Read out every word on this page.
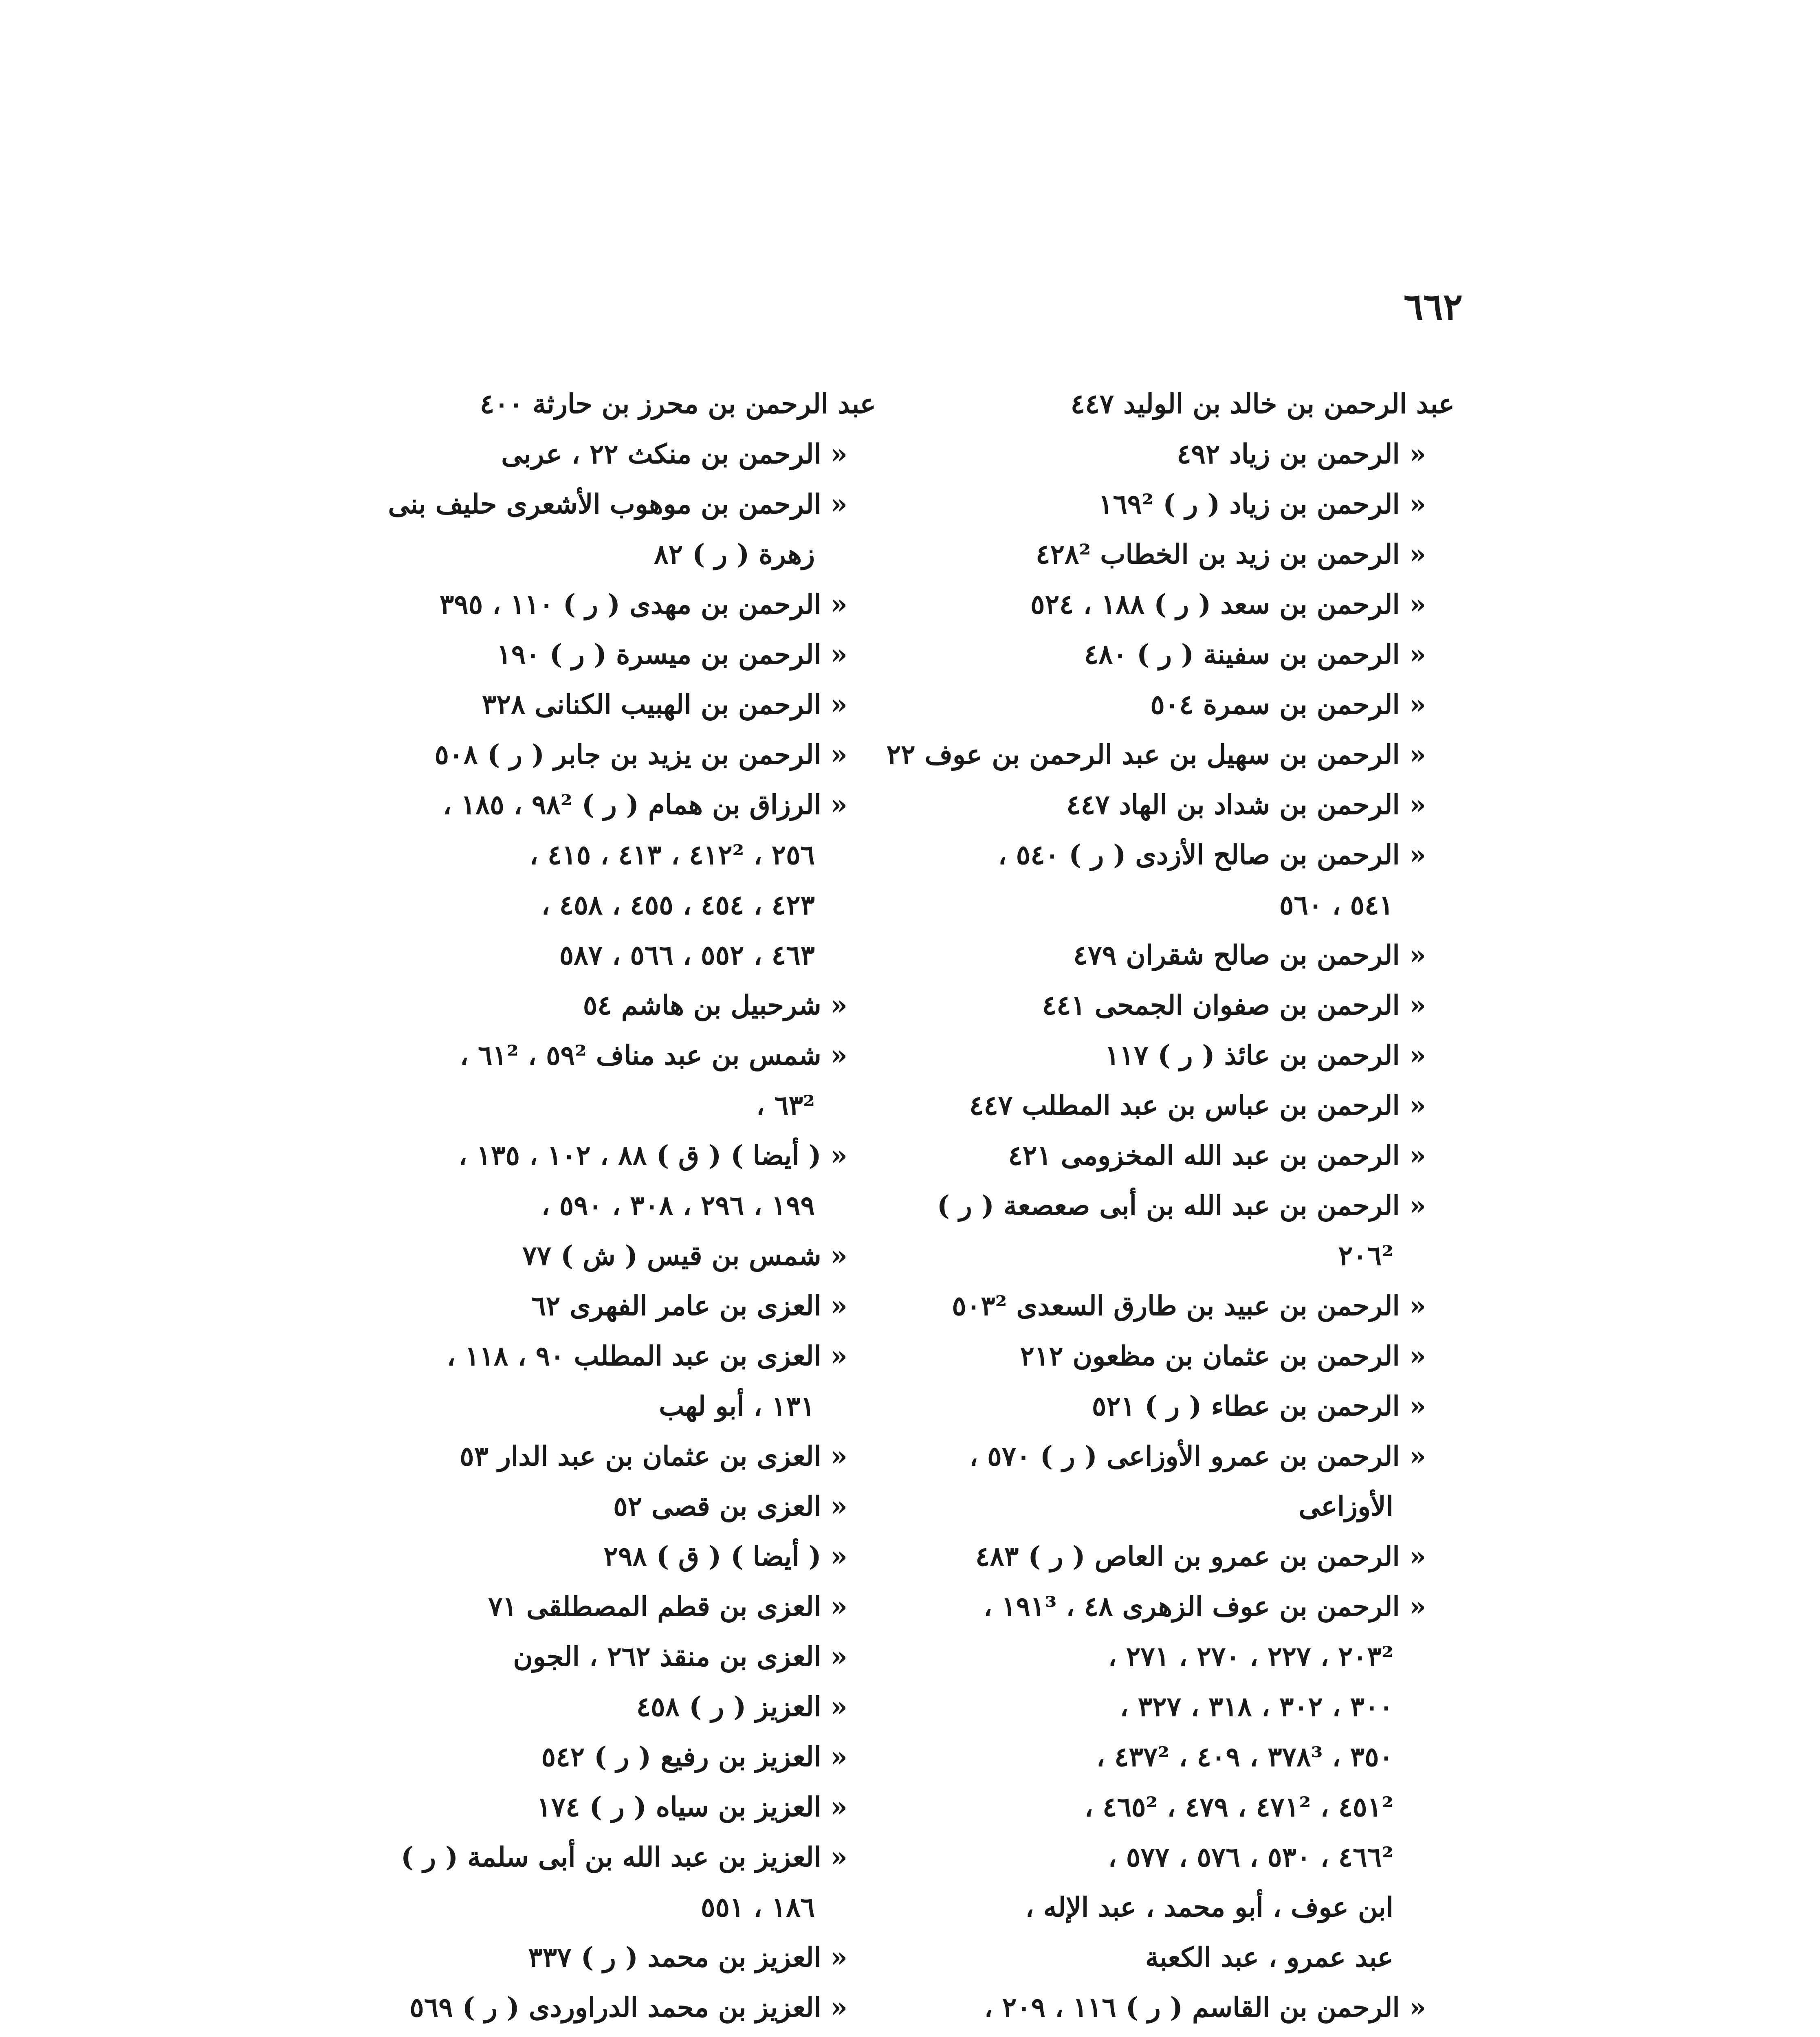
٦٦٢
عبد الرحمن بن خالد بن الوليد ٤٤٧
« الرحمن بن زياد ٤٩٢
« الرحمن بن زياد ( ر ) ١٦٩²
« الرحمن بن زيد بن الخطاب ٤٢٨²
« الرحمن بن سعد ( ر ) ١٨٨ ، ٥٢٤
« الرحمن بن سفينة ( ر ) ٤٨٠
« الرحمن بن سمرة ٥٠٤
« الرحمن بن سهيل بن عبد الرحمن بن عوف ٢٢
« الرحمن بن شداد بن الهاد ٤٤٧
« الرحمن بن صالح الأزدى ( ر ) ٥٤٠ ،
٥٤١ ، ٥٦٠
« الرحمن بن صالح شقران ٤٧٩
« الرحمن بن صفوان الجمحى ٤٤١
« الرحمن بن عائذ ( ر ) ١١٧
« الرحمن بن عباس بن عبد المطلب ٤٤٧
« الرحمن بن عبد الله المخزومى ٤٢١
« الرحمن بن عبد الله بن أبى صعصعة ( ر )
٢٠٦²
« الرحمن بن عبيد بن طارق السعدى ٥٠٣²
« الرحمن بن عثمان بن مظعون ٢١٢
« الرحمن بن عطاء ( ر ) ٥٢١
« الرحمن بن عمرو الأوزاعى ( ر ) ٥٧٠ ،
الأوزاعى
« الرحمن بن عمرو بن العاص ( ر ) ٤٨٣
« الرحمن بن عوف الزهرى ٤٨ ، ١٩١³ ،
٢٠٣² ، ٢٢٧ ، ٢٧٠ ، ٢٧١ ،
٣٠٠ ، ٣٠٢ ، ٣١٨ ، ٣٢٧ ،
٣٥٠ ، ٣٧٨³ ، ٤٠٩ ، ٤٣٧² ،
٤٥١² ، ٤٧١² ، ٤٧٩ ، ٤٦٥² ،
٤٦٦² ، ٥٣٠ ، ٥٧٦ ، ٥٧٧ ،
ابن عوف ، أبو محمد ، عبد الإله ،
عبد عمرو ، عبد الكعبة
« الرحمن بن القاسم ( ر ) ١١٦ ، ٢٠٩ ،
عبد الرحمن بن محرز بن حارثة ٤٠٠
« الرحمن بن منكث ٢٢ ، عربى
« الرحمن بن موهوب الأشعرى حليف بنى
زهرة ( ر ) ٨٢
« الرحمن بن مهدى ( ر ) ١١٠ ، ٣٩٥
« الرحمن بن ميسرة ( ر ) ١٩٠
« الرحمن بن الهبيب الكنانى ٣٢٨
« الرحمن بن يزيد بن جابر ( ر ) ٥٠٨
« الرزاق بن همام ( ر ) ٩٨² ، ١٨٥ ،
٢٥٦ ، ٤١٢² ، ٤١٣ ، ٤١٥ ،
٤٢٣ ، ٤٥٤ ، ٤٥٥ ، ٤٥٨ ،
٤٦٣ ، ٥٥٢ ، ٥٦٦ ، ٥٨٧
« شرحبيل بن هاشم ٥٤
« شمس بن عبد مناف ٥٩² ، ٦١² ،
٦٣² ،
« ( أيضا ) ( ق ) ٨٨ ، ١٠٢ ، ١٣٥ ،
١٩٩ ، ٢٩٦ ، ٣٠٨ ، ٥٩٠ ،
« شمس بن قيس ( ش ) ٧٧
« العزى بن عامر الفهرى ٦٢
« العزى بن عبد المطلب ٩٠ ، ١١٨ ،
١٣١ ، أبو لهب
« العزى بن عثمان بن عبد الدار ٥٣
« العزى بن قصى ٥٢
« ( أيضا ) ( ق ) ٢٩٨
« العزى بن قطم المصطلقى ٧١
« العزى بن منقذ ٢٦٢ ، الجون
« العزيز ( ر ) ٤٥٨
« العزيز بن رفيع ( ر ) ٥٤٢
« العزيز بن سياه ( ر ) ١٧٤
« العزيز بن عبد الله بن أبى سلمة ( ر )
١٨٦ ، ٥٥١
« العزيز بن محمد ( ر ) ٣٣٧
« العزيز بن محمد الدراوردى ( ر ) ٥٦٩
